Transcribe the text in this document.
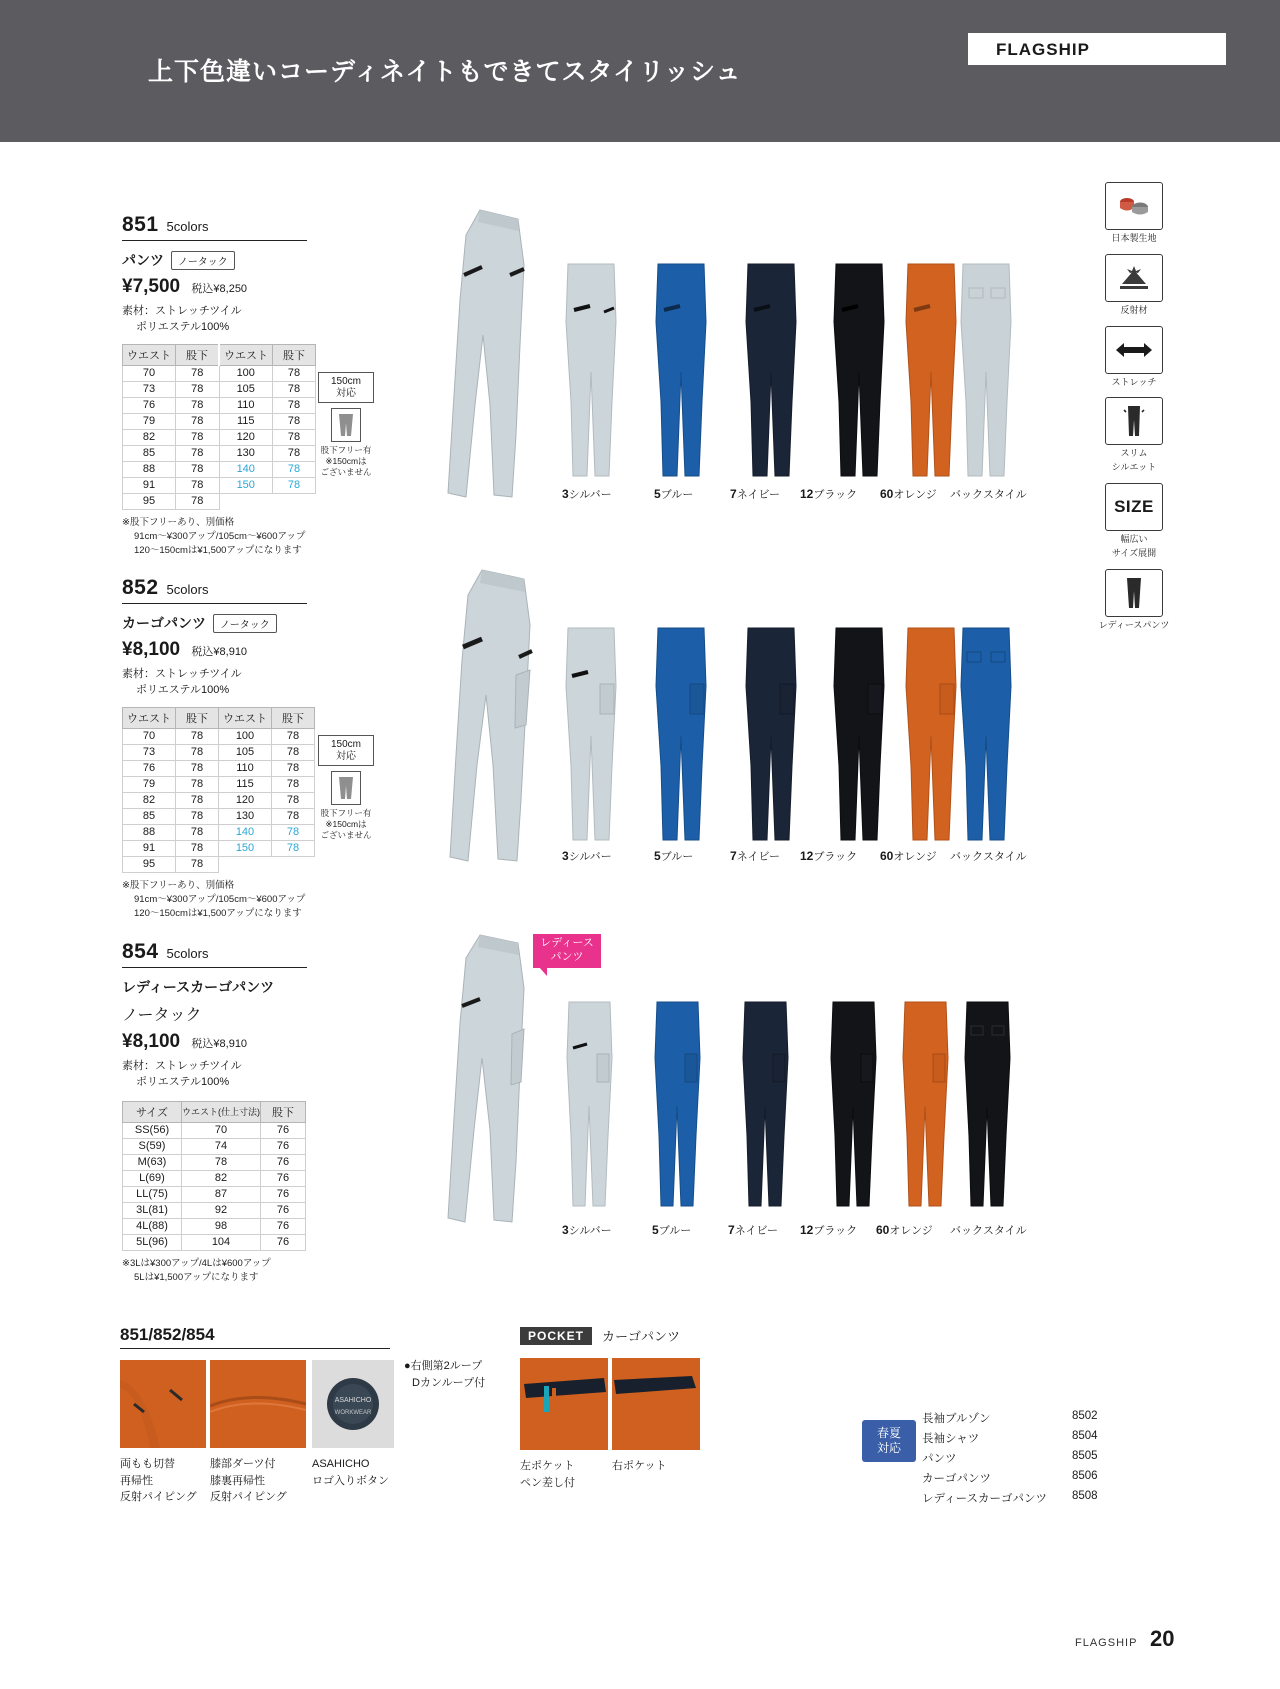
上下色違いコーディネイトもできてスタイリッシュ
FLAGSHIP
日本製生地
反射材
ストレッチ
スリム
シルエット
SIZE
幅広い
サイズ展開
レディースパンツ
851 5colors
パンツ	ノータック
¥7,500 税込¥8,250
素材：ストレッチツイル
ポリエステル100%
ウエスト	股下	ウエスト	股下
70	78	100	78
73	78	105	78
76	78	110	78
79	78	115	78
82	78	120	78
85	78	130	78
88	78	140	78
91	78	150	78
95	78		
※股下フリーあり、別価格
91cm〜¥300アップ/105cm〜¥600アップ
120〜150cmは¥1,500アップになります
150cm
対応
股下フリー有
※150cmは
ございません
3シルバー	5ブルー	7ネイビー 12ブラック 60オレンジ バックスタイル
852 5colors
カーゴパンツ	ノータック
¥8,100 税込¥8,910
素材：ストレッチツイル
ポリエステル100%
ウエスト	股下	ウエスト	股下
70	78	100	78
73	78	105	78
76	78	110	78
79	78	115	78
82	78	120	78
85	78	130	78
88	78	140	78
91	78	150	78
95	78		
※股下フリーあり、別価格
91cm〜¥300アップ/105cm〜¥600アップ
120〜150cmは¥1,500アップになります
150cm
対応
股下フリー有
※150cmは
ございません
3シルバー	5ブルー	7ネイビー 12ブラック 60オレンジ バックスタイル
854 5colors
レディースカーゴパンツ
ノータック
¥8,100 税込¥8,910
素材：ストレッチツイル
ポリエステル100%
サイズ	ウエスト(仕上寸法)	股下
SS(56)	70	76
S(59)	74	76
M(63)	78	76
L(69)	82	76
LL(75)	87	76
3L(81)	92	76
4L(88)	98	76
5L(96)	104	76
※3Lは¥300アップ/4Lは¥600アップ
5Lは¥1,500アップになります
レディース
パンツ
3シルバー	5ブルー	7ネイビー 12ブラック 60オレンジ バックスタイル
851/852/854
両もも切替
再帰性
反射パイピング
膝部ダーツ付
膝裏再帰性
反射パイピング
ASAHICHO
WORKWEAR
ASAHICHO
ロゴ入りボタン
●右側第2ループ
Dカンループ付
POCKET	カーゴパンツ
左ポケット
ペン差し付
右ポケット
春夏
対応
長袖ブルゾン	8502
長袖シャツ	8504
パンツ	8505
カーゴパンツ	8506
レディースカーゴパンツ	8508
FLAGSHIP 20
